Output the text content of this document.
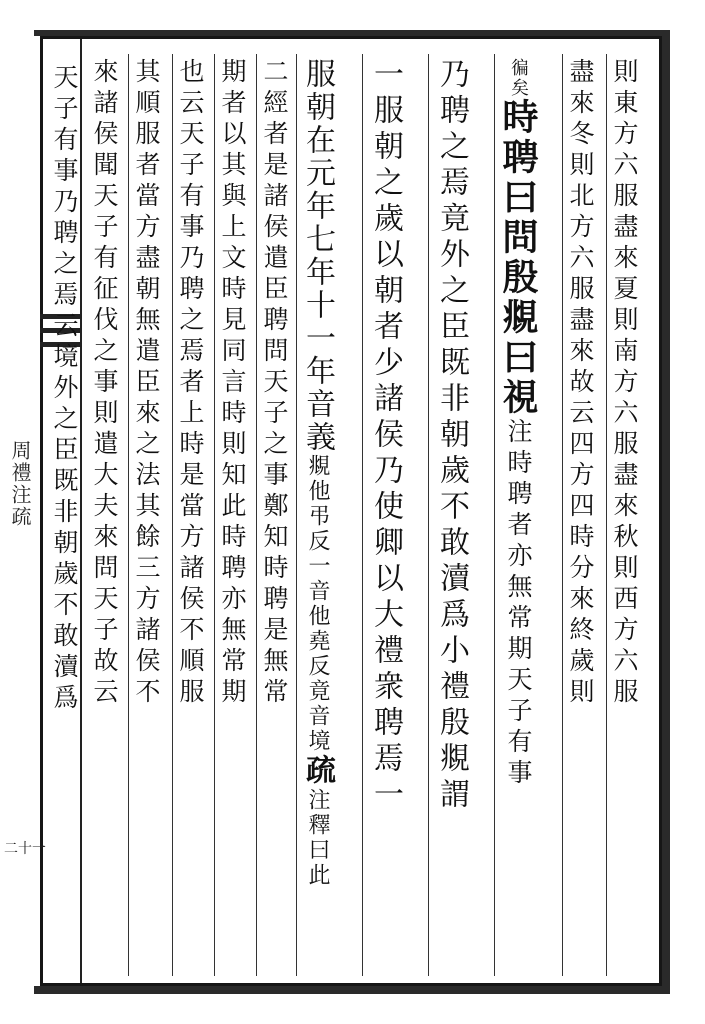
周禮注疏
二十一
則東方六服盡來夏則南方六服盡來秋則西方六服
盡來冬則北方六服盡來故云四方四時分來終歲則
徧矣時聘曰問殷覜曰視注時聘者亦無常期天子有事
乃聘之焉竟外之臣既非朝歲不敢瀆爲小禮殷覜謂
一服朝之歲以朝者少諸侯乃使卿以大禮衆聘焉一
服朝在元年七年十一年音義覜他弔反一音他堯反竟音境疏注釋曰此
二經者是諸侯遣臣聘問天子之事鄭知時聘是無常
期者以其與上文時見同言時則知此時聘亦無常期
也云天子有事乃聘之焉者上時是當方諸侯不順服
其順服者當方盡朝無遣臣來之法其餘三方諸侯不
來諸侯聞天子有征伐之事則遣大夫來問天子故云
天子有事乃聘之焉云境外之臣既非朝歲不敢瀆爲
